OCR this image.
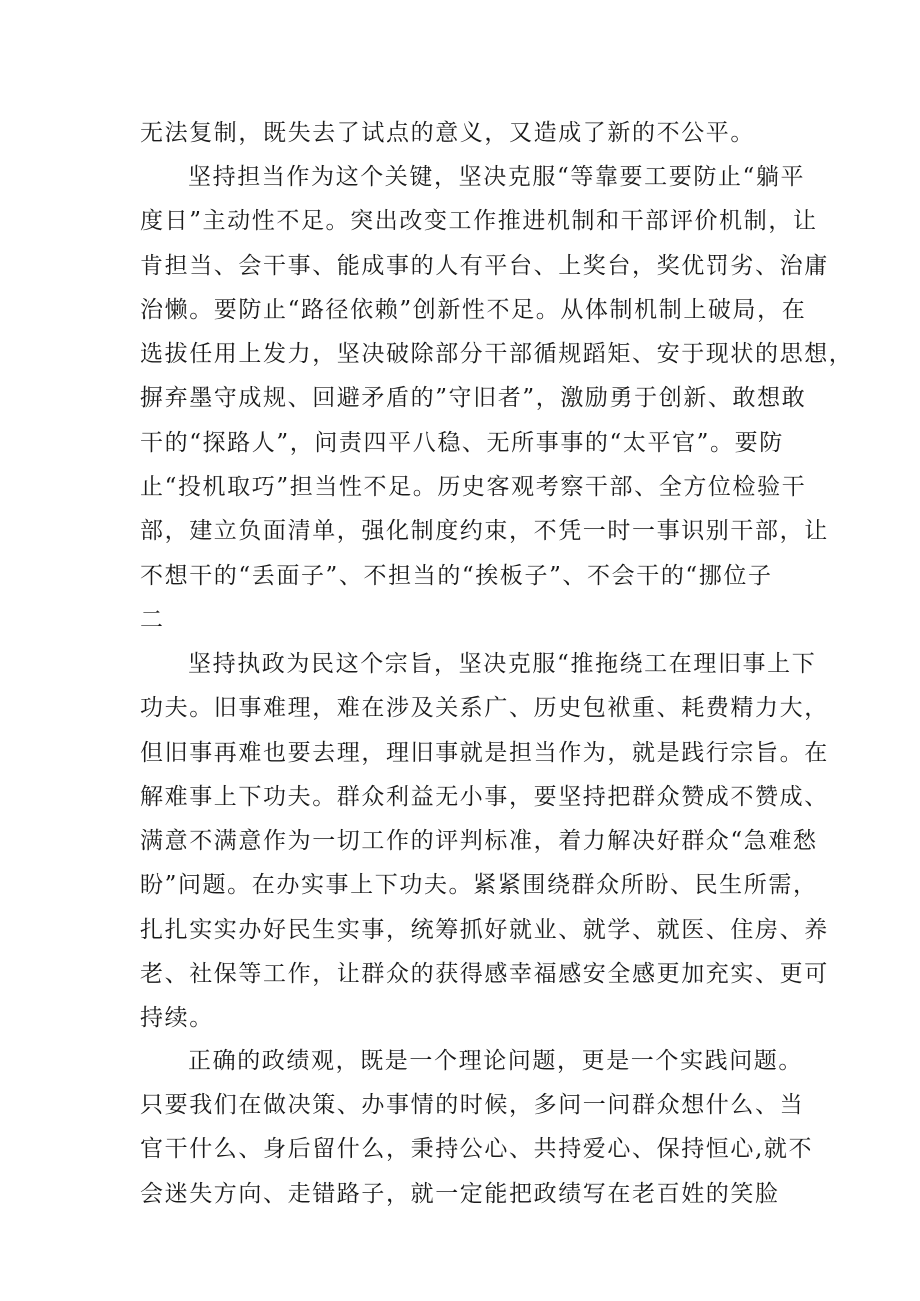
无法复制，既失去了试点的意义，又造成了新的不公平。
坚持担当作为这个关键，坚决克服“等靠要工要防止“躺平
度日”主动性不足。突出改变工作推进机制和干部评价机制，让
肯担当、会干事、能成事的人有平台、上奖台，奖优罚劣、治庸
治懒。要防止“路径依赖”创新性不足。从体制机制上破局，在
选拔任用上发力，坚决破除部分干部循规蹈矩、安于现状的思想，
摒弃墨守成规、回避矛盾的”守旧者”，激励勇于创新、敢想敢
干的“探路人”，问责四平八稳、无所事事的“太平官”。要防
止“投机取巧”担当性不足。历史客观考察干部、全方位检验干
部，建立负面清单，强化制度约束，不凭一时一事识别干部，让
不想干的“丢面子”、不担当的“挨板子”、不会干的“挪位子
二
坚持执政为民这个宗旨，坚决克服“推拖绕工在理旧事上下
功夫。旧事难理，难在涉及关系广、历史包袱重、耗费精力大，
但旧事再难也要去理，理旧事就是担当作为，就是践行宗旨。在
解难事上下功夫。群众利益无小事，要坚持把群众赞成不赞成、
满意不满意作为一切工作的评判标准，着力解决好群众“急难愁
盼”问题。在办实事上下功夫。紧紧围绕群众所盼、民生所需，
扎扎实实办好民生实事，统筹抓好就业、就学、就医、住房、养
老、社保等工作，让群众的获得感幸福感安全感更加充实、更可
持续。
正确的政绩观，既是一个理论问题，更是一个实践问题。
只要我们在做决策、办事情的时候，多问一问群众想什么、当
官干什么、身后留什么，秉持公心、共持爱心、保持恒心,就不
会迷失方向、走错路子，就一定能把政绩写在老百姓的笑脸
